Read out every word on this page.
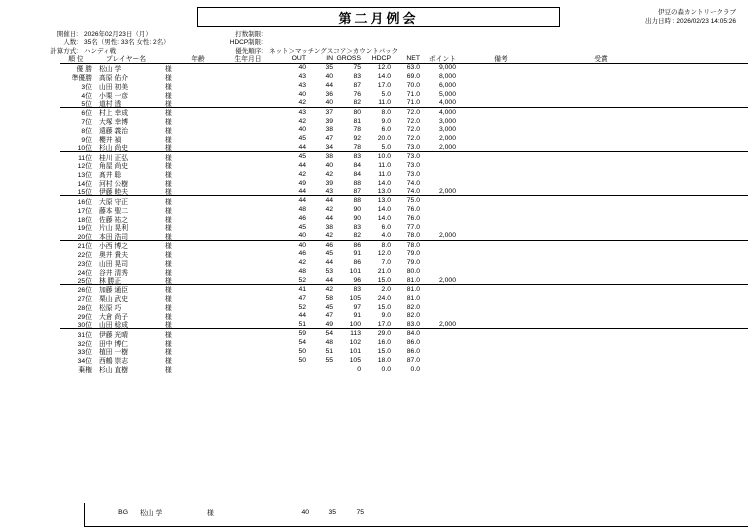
第二月例会	伊豆の森カントリークラブ
出力日時 : 2026/02/23 14:05:26
開催日: 2026年02月23日（月）
人数: 35名（男性: 33名 女性: 2名）
計算方式: ハンディ戦
打数制限:
HDCP制限:
優先順序: ネット＞マッチングスコア＞カウントバック
順 位	プレイヤー名	年齢	生年月日	OUT	IN GROSS	HDCP	NET	ポイント	備考	受賞
優 勝	松山 学	様	40	35	75	12.0	63.0	9,000
準優勝	高原 佑介	様	43	40	83	14.0	69.0	8,000
3位	山田 初美	様	43	44	87	17.0	70.0	6,000
4位	小栗 一彦	様	40	36	76	5.0	71.0	5,000
5位	道村 透	様	42	40	82	11.0	71.0	4,000
6位	村上 幸成	様	43	37	80	8.0	72.0	4,000
7位	大塚 幸博	様	42	39	81	9.0	72.0	3,000
8位	遠藤 義治	様	40	38	78	6.0	72.0	3,000
9位	櫻井 禎	様	45	47	92	20.0	72.0	2,000
10位	杉山 尚史	様	44	34	78	5.0	73.0	2,000
11位	桂川 正弘	様	45	38	83	10.0	73.0
12位	角屋 尚史	様	44	40	84	11.0	73.0
13位	髙井 聡	様	42	42	84	11.0	73.0
14位	河村 公樹	様	49	39	88	14.0	74.0
15位	伊藤 睦夫	様	44	43	87	13.0	74.0	2,000
16位	大原 守正	様	44	44	88	13.0	75.0
17位	藤本 聖二	様	48	42	90	14.0	76.0
18位	佐藤 祐之	様	46	44	90	14.0	76.0
19位	片山 晃利	様	45	38	83	6.0	77.0
20位	本田 浩司	様	40	42	82	4.0	78.0	2,000
21位	小西 博之	様	40	46	86	8.0	78.0
22位	奥井 貴夫	様	46	45	91	12.0	79.0
23位	山田 晃司	様	42	44	86	7.0	79.0
24位	谷井 清秀	様	48	53	101	21.0	80.0
25位	林 勝正	様	52	44	96	15.0	81.0	2,000
26位	加藤 通臣	様	41	42	83	2.0	81.0
27位	栗山 武史	様	47	58	105	24.0	81.0
28位	松原 巧	様	52	45	97	15.0	82.0
29位	大倉 尚子	様	44	47	91	9.0	82.0
30位	山田 稔成	様	51	49	100	17.0	83.0	2,000
31位	伊藤 光晴	様	59	54	113	29.0	84.0
32位	田中 博仁	様	54	48	102	16.0	86.0
33位	植田 一樹	様	50	51	101	15.0	86.0
34位	西鶴 崇志	様	50	55	105	18.0	87.0
棄権	杉山 直樹	様	0	0.0	0.0
BG	松山 学	様	40	35	75
